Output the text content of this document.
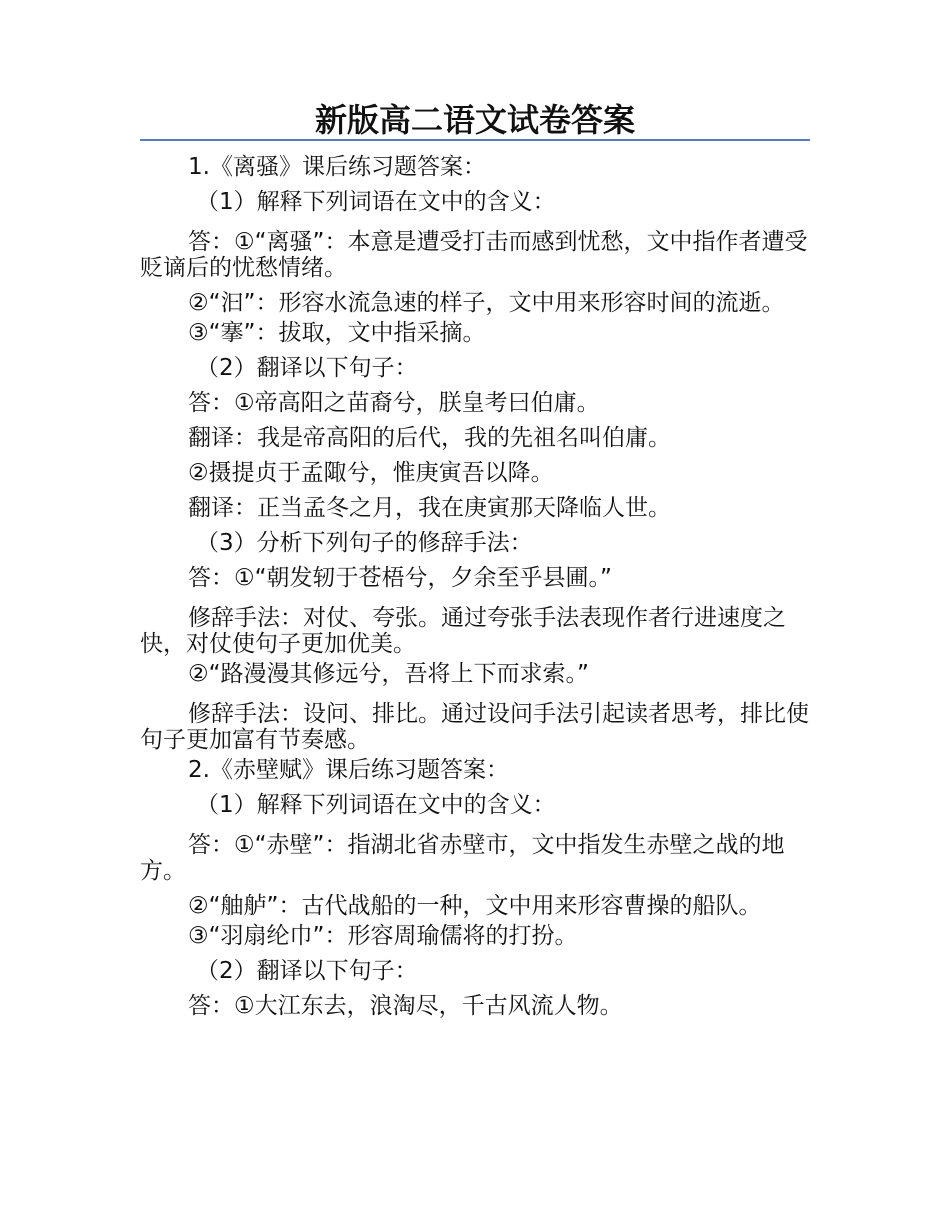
新版高二语文试卷答案

1.《离骚》课后练习题答案：

（1）解释下列词语在文中的含义：

答：①“离骚”：本意是遭受打击而感到忧愁，文中指作者遭受贬谪后的忧愁情绪。

②“汩”：形容水流急速的样子，文中用来形容时间的流逝。

③“搴”：拔取，文中指采摘。

（2）翻译以下句子：

答：①帝高阳之苗裔兮，朕皇考曰伯庸。

翻译：我是帝高阳的后代，我的先祖名叫伯庸。

②摄提贞于孟陬兮，惟庚寅吾以降。

翻译：正当孟冬之月，我在庚寅那天降临人世。

（3）分析下列句子的修辞手法：

答：①“朝发轫于苍梧兮，夕余至乎县圃。”

修辞手法：对仗、夸张。通过夸张手法表现作者行进速度之快，对仗使句子更加优美。

②“路漫漫其修远兮，吾将上下而求索。”

修辞手法：设问、排比。通过设问手法引起读者思考，排比使句子更加富有节奏感。

2.《赤壁赋》课后练习题答案：

（1）解释下列词语在文中的含义：

答：①“赤壁”：指湖北省赤壁市，文中指发生赤壁之战的地方。

②“舳舻”：古代战船的一种，文中用来形容曹操的船队。

③“羽扇纶巾”：形容周瑜儒将的打扮。

（2）翻译以下句子：

答：①大江东去，浪淘尽，千古风流人物。
